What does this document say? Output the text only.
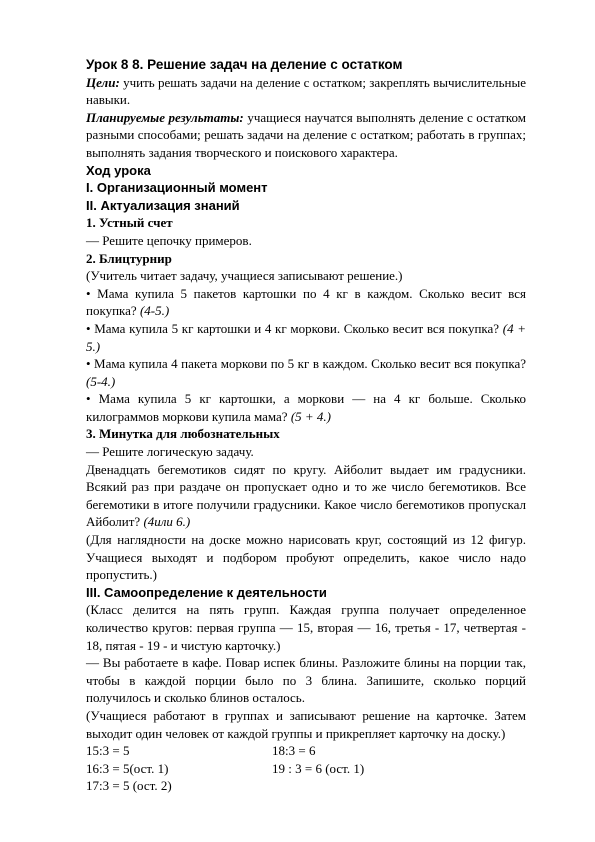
Урок 8 8. Решение задач на деление с остатком

Цели: учить решать задачи на деление с остатком; закреплять вычислительные навыки.

Планируемые результаты: учащиеся научатся выполнять деление с остатком разными способами; решать задачи на деление с остатком; работать в группах; выполнять задания творческого и поискового характера.

Ход урока
I. Организационный момент
II. Актуализация знаний
1. Устный счет

— Решите цепочку примеров.

2. Блицтурнир

(Учитель читает задачу, учащиеся записывают решение.)

• Мама купила 5 пакетов картошки по 4 кг в каждом. Сколько весит вся покупка? (4-5.)

• Мама купила 5 кг картошки и 4 кг моркови. Сколько весит вся покупка? (4 + 5.)

• Мама купила 4 пакета моркови по 5 кг в каждом. Сколько весит вся покупка? (5-4.)

• Мама купила 5 кг картошки, а моркови — на 4 кг больше. Сколько килограммов моркови купила мама? (5 + 4.)

3. Минутка для любознательных

— Решите логическую задачу.

Двенадцать бегемотиков сидят по кругу. Айболит выдает им градусники. Всякий раз при раздаче он пропускает одно и то же число бегемотиков. Все бегемотики в итоге получили градусники. Какое число бегемотиков пропускал Айболит? (4или 6.)

(Для наглядности на доске можно нарисовать круг, состоящий из 12 фигур. Учащиеся выходят и подбором пробуют определить, какое число надо пропустить.)

III. Самоопределение к деятельности

(Класс делится на пять групп. Каждая группа получает определенное количество кругов: первая группа — 15, вторая — 16, третья - 17, четвертая - 18, пятая - 19 - и чистую карточку.)

— Вы работаете в кафе. Повар испек блины. Разложите блины на порции так, чтобы в каждой порции было по 3 блина. Запишите, сколько порций получилось и сколько блинов осталось.

(Учащиеся работают в группах и записывают решение на карточке. Затем выходит один человек от каждой группы и прикрепляет карточку на доску.)

15:3 = 5	18:3 = 6
16:3 = 5(ост. 1)	19 : 3 = 6 (ост. 1)
17:3 = 5 (ост. 2)
